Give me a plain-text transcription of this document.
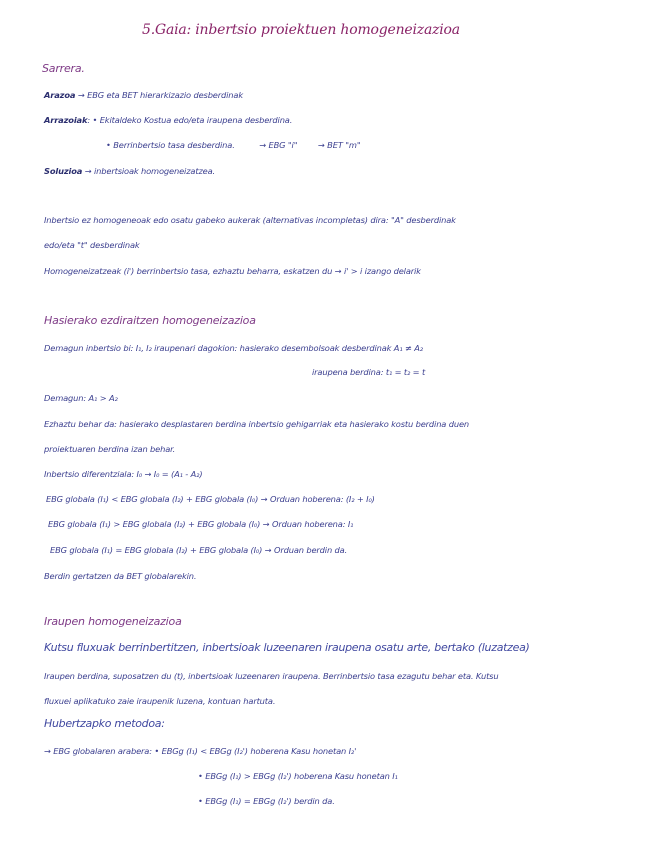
5.Gaia: inbertsio proiektuen homogeneizazioa
Sarrera.
Arazoa → EBG eta BET hierarkizazio desberdinak
Arrazoiak: • Ekitaldeko Kostua edo/eta iraupena desberdina.
• Berrinbertsio tasa desberdina.	→ EBG "i" → BET "m"
Soluzioa → inbertsioak homogeneizatzea.
Inbertsio ez homogeneoak edo osatu gabeko aukerak (alternativas incompletas) dira: "A" desberdinak
edo/eta "t" desberdinak
Homogeneizatzeak (i') berrinbertsio tasa, ezhaztu beharra, eskatzen du → i' > i izango delarik
Hasierako ezdiraitzen homogeneizazioa
Demagun inbertsio bi: I₁, I₂ iraupenari dagokion: hasierako desembolsoak desberdinak A₁ ≠ A₂
iraupena berdina: t₁ = t₂ = t
Demagun: A₁ > A₂
Ezhaztu behar da: hasierako desplastaren berdina inbertsio gehigarriak eta hasierako kostu berdina duen
proiektuaren berdina izan behar.
Inbertsio diferentziala: I₀ → I₀ = (A₁ - A₂)
EBG globala (I₁) < EBG globala (I₂) + EBG globala (I₀) → Orduan hoberena: (I₂ + I₀)
EBG globala (I₁) > EBG globala (I₂) + EBG globala (I₀) → Orduan hoberena: I₁
EBG globala (I₁) = EBG globala (I₂) + EBG globala (I₀) → Orduan berdin da.
Berdin gertatzen da BET globalarekin.
Iraupen homogeneizazioa
Kutsu fluxuak berrinbertitzen, inbertsioak luzeenaren iraupena osatu arte, bertako (luzatzea)
Iraupen berdina, suposatzen du (t), inbertsioak luzeenaren iraupena. Berrinbertsio tasa ezagutu behar eta. Kutsu
fluxuei aplikatuko zaie iraupenik luzena, kontuan hartuta.
Hubertzapko metodoa:
→ EBG globalaren arabera: • EBGg (I₁) < EBGg (I₂') hoberena Kasu honetan I₂'
• EBGg (I₁) > EBGg (I₂') hoberena Kasu honetan I₁
• EBGg (I₁) = EBGg (I₂') berdin da.
